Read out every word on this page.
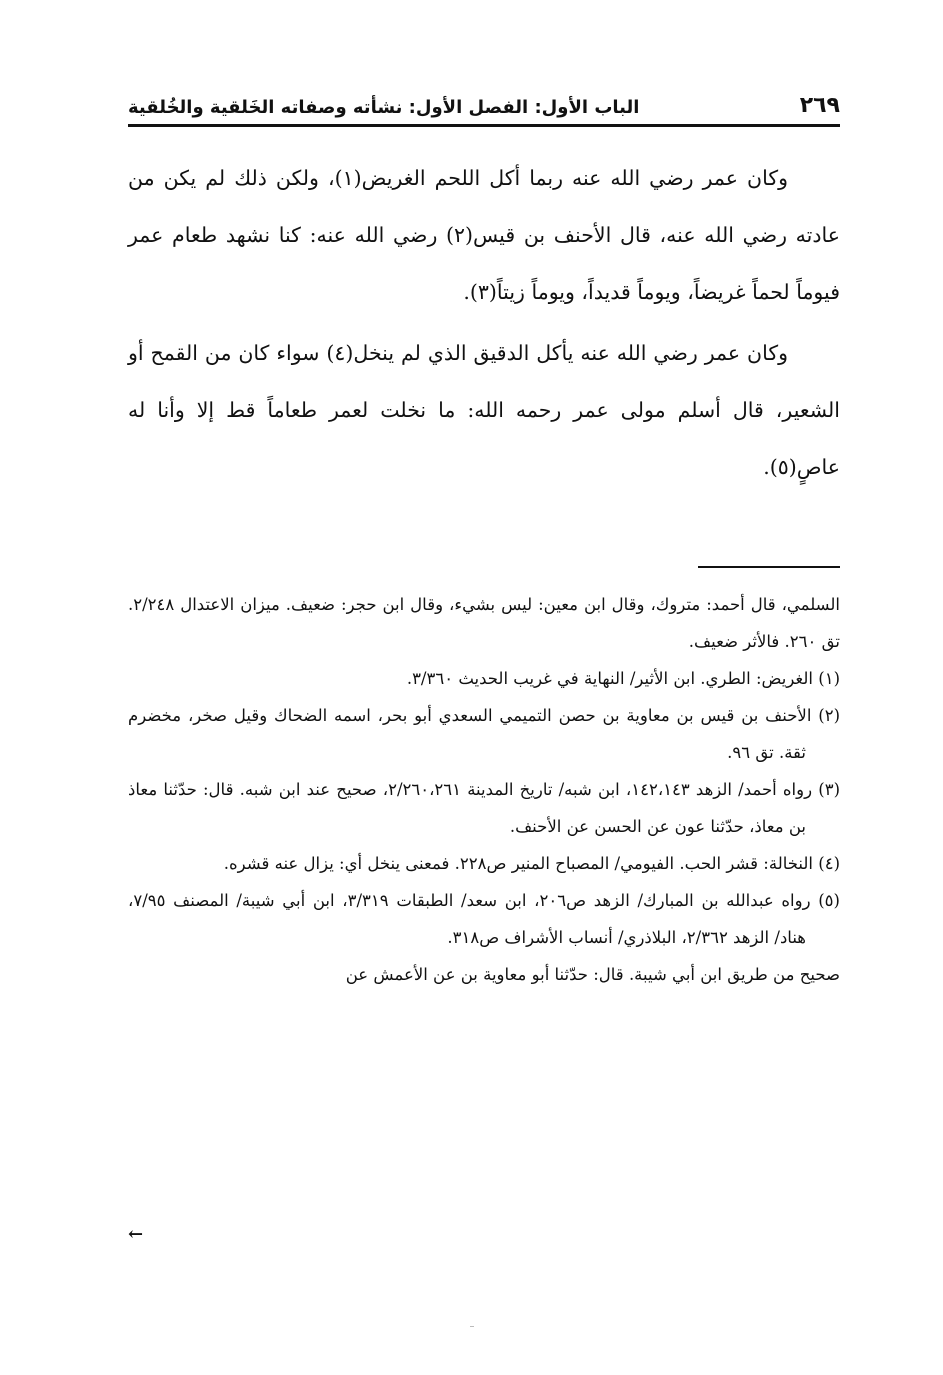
٢٦٩
الباب الأول: الفصل الأول: نشأته وصفاته الخَلقية والخُلقية

وكان عمر رضي الله عنه ربما أكل اللحم الغريض(١)، ولكن ذلك لم يكن من عادته رضي الله عنه، قال الأحنف بن قيس(٢) رضي الله عنه: كنا نشهد طعام عمر فيوماً لحماً غريضاً، ويوماً قديداً، ويوماً زيتاً(٣).

وكان عمر رضي الله عنه يأكل الدقيق الذي لم ينخل(٤) سواء كان من القمح أو الشعير، قال أسلم مولى عمر رحمه الله: ما نخلت لعمر طعاماً قط إلا وأنا له عاصٍ(٥).

السلمي، قال أحمد: متروك، وقال ابن معين: ليس بشيء، وقال ابن حجر: ضعيف. ميزان الاعتدال ٢/٢٤٨. تق ٢٦٠. فالأثر ضعيف.

(١) الغريض: الطري. ابن الأثير/ النهاية في غريب الحديث ٣/٣٦٠.

(٢) الأحنف بن قيس بن معاوية بن حصن التميمي السعدي أبو بحر، اسمه الضحاك وقيل صخر، مخضرم ثقة. تق ٩٦.

(٣) رواه أحمد/ الزهد ١٤٢،١٤٣، ابن شبه/ تاريخ المدينة ٢/٢٦٠،٢٦١، صحيح عند ابن شبه. قال: حدّثنا معاذ بن معاذ، حدّثنا عون عن الحسن عن الأحنف.

(٤) النخالة: قشر الحب. الفيومي/ المصباح المنير ص٢٢٨. فمعنى ينخل أي: يزال عنه قشره.

(٥) رواه عبدالله بن المبارك/ الزهد ص٢٠٦، ابن سعد/ الطبقات ٣/٣١٩، ابن أبي شيبة/ المصنف ٧/٩٥، هناد/ الزهد ٢/٣٦٢، البلاذري/ أنساب الأشراف ص٣١٨.

صحيح من طريق ابن أبي شيبة. قال: حدّثنا أبو معاوية بن عن الأعمش عن

←
